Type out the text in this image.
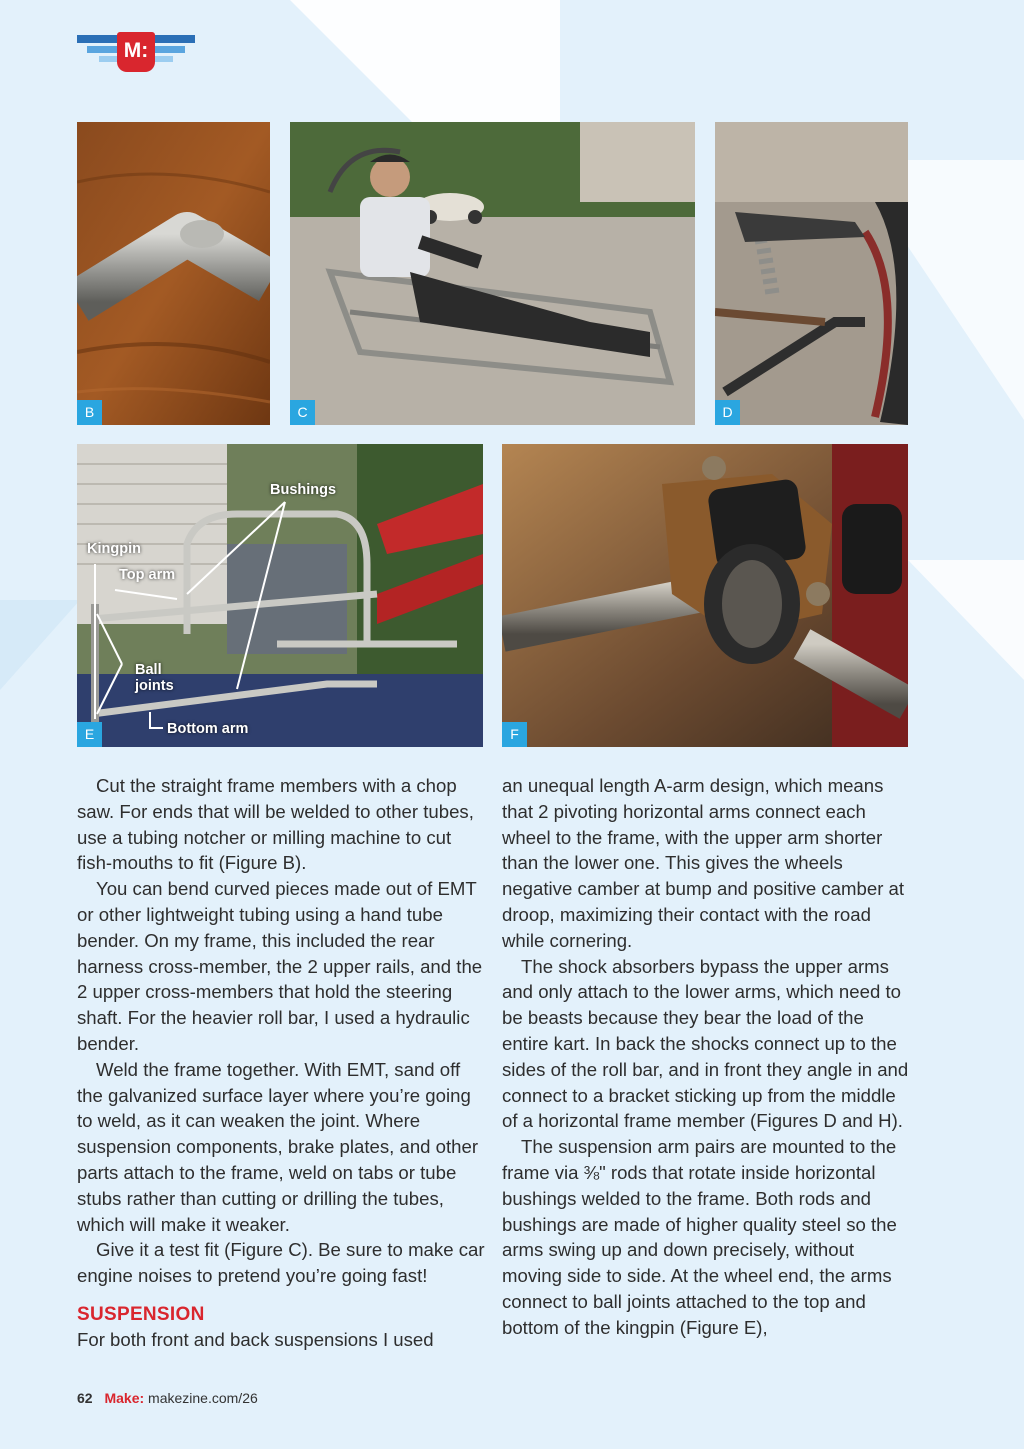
M:
B	C	D
Bushings
Kingpin
Top arm
Ball
joints
Bottom arm
E	F

Cut the straight frame members with a chop saw. For ends that will be welded to other tubes, use a tubing notcher or milling machine to cut fish-mouths to fit (Figure B).

You can bend curved pieces made out of EMT or other lightweight tubing using a hand tube bender. On my frame, this included the rear harness cross-member, the 2 upper rails, and the 2 upper cross-members that hold the steering shaft. For the heavier roll bar, I used a hydraulic bender.

Weld the frame together. With EMT, sand off the galvanized surface layer where you’re going to weld, as it can weaken the joint. Where suspension components, brake plates, and other parts attach to the frame, weld on tabs or tube stubs rather than cutting or drilling the tubes, which will make it weaker.

Give it a test fit (Figure C). Be sure to make car engine noises to pretend you’re going fast!

SUSPENSION

For both front and back suspensions I used

an unequal length A-arm design, which means that 2 pivoting horizontal arms connect each wheel to the frame, with the upper arm shorter than the lower one. This gives the wheels negative camber at bump and positive camber at droop, maximizing their contact with the road while cornering.

The shock absorbers bypass the upper arms and only attach to the lower arms, which need to be beasts because they bear the load of the entire kart. In back the shocks connect up to the sides of the roll bar, and in front they angle in and connect to a bracket sticking up from the middle of a horizontal frame member (Figures D and H).

The suspension arm pairs are mounted to the frame via ⅜" rods that rotate inside horizontal bushings welded to the frame. Both rods and bushings are made of higher quality steel so the arms swing up and down precisely, without moving side to side. At the wheel end, the arms connect to ball joints attached to the top and bottom of the kingpin (Figure E),

62 Make: makezine.com/26
